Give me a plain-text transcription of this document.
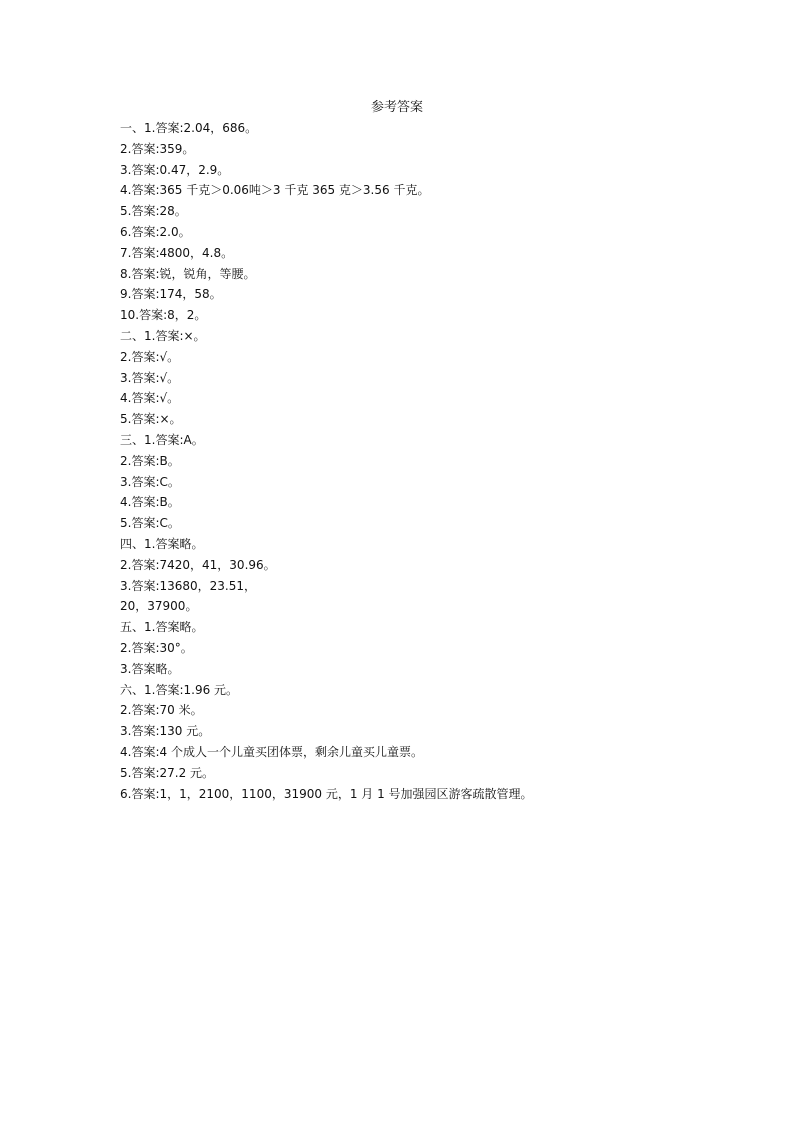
参考答案
一、1.答案:2.04，686。
2.答案:359。
3.答案:0.47，2.9。
4.答案:365 千克＞0.06吨＞3 千克 365 克＞3.56 千克。
5.答案:28。
6.答案:2.0。
7.答案:4800，4.8。
8.答案:锐，锐角，等腰。
9.答案:174，58。
10.答案:8，2。
二、1.答案:×。
2.答案:√。
3.答案:√。
4.答案:√。
5.答案:×。
三、1.答案:A。
2.答案:B。
3.答案:C。
4.答案:B。
5.答案:C。
四、1.答案略。
2.答案:7420，41，30.96。
3.答案:13680，23.51，
20，37900。
五、1.答案略。
2.答案:30°。
3.答案略。
六、1.答案:1.96 元。
2.答案:70 米。
3.答案:130 元。
4.答案:4 个成人一个儿童买团体票，剩余儿童买儿童票。
5.答案:27.2 元。
6.答案:1，1，2100，1100，31900 元，1 月 1 号加强园区游客疏散管理。
